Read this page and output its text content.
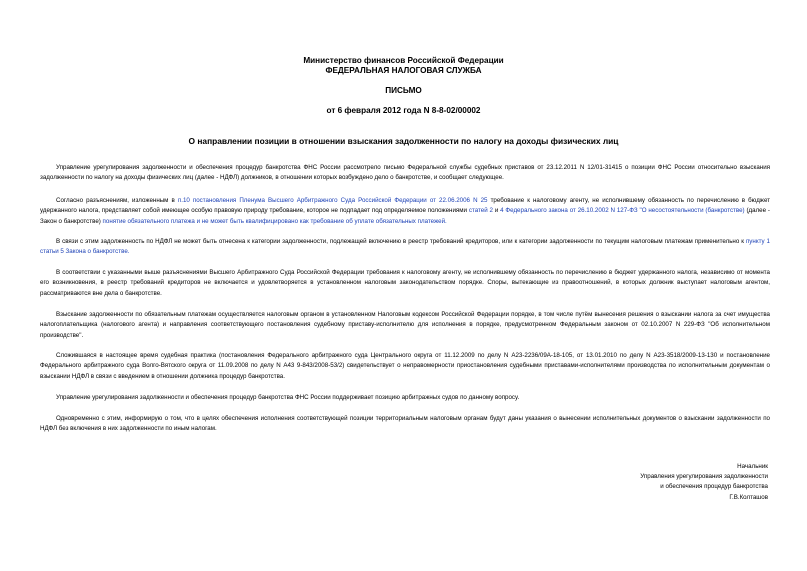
Министерство финансов Российской Федерации
ФЕДЕРАЛЬНАЯ НАЛОГОВАЯ СЛУЖБА
ПИСЬМО
от 6 февраля 2012 года N 8-8-02/00002
О направлении позиции в отношении взыскания задолженности по налогу на доходы физических лиц
Управление урегулирования задолженности и обеспечения процедур банкротства ФНС России рассмотрело письмо Федеральной службы судебных приставов от 23.12.2011 N 12/01-31415 о позиции ФНС России относительно взыскания задолженности по налогу на доходы физических лиц (далее - НДФЛ) должников, в отношении которых возбуждено дело о банкротстве, и сообщает следующее.
Согласно разъяснениям, изложенным в п.10 постановления Пленума Высшего Арбитражного Суда Российской Федерации от 22.06.2006 N 25 требование к налоговому агенту, не исполнившему обязанность по перечислению в бюджет удержанного налога, представляет собой имеющее особую правовую природу требование, которое не подпадает под определяемое положениями статей 2 и 4 Федерального закона от 26.10.2002 N 127-ФЗ "О несостоятельности (банкротстве) (далее - Закон о банкротстве) понятие обязательного платежа и не может быть квалифицировано как требование об уплате обязательных платежей.
В связи с этим задолженность по НДФЛ не может быть отнесена к категории задолженности, подлежащей включению в реестр требований кредиторов, или к категории задолженности по текущим налоговым платежам применительно к пункту 1 статьи 5 Закона о банкротстве.
В соответствии с указанными выше разъяснениями Высшего Арбитражного Суда Российской Федерации требования к налоговому агенту, не исполнившему обязанность по перечислению в бюджет удержанного налога, независимо от момента его возникновения, в реестр требований кредиторов не включается и удовлетворяется в установленном налоговым законодательством порядке. Споры, вытекающие из правоотношений, в которых должник выступает налоговым агентом, рассматриваются вне дела о банкротстве.
Взыскание задолженности по обязательным платежам осуществляется налоговым органом в установленном Налоговым кодексом Российской Федерации порядке, в том числе путём вынесения решения о взыскании налога за счет имущества налогоплательщика (налогового агента) и направления соответствующего постановления судебному приставу-исполнителю для исполнения в порядке, предусмотренном Федеральным законом от 02.10.2007 N 229-ФЗ "Об исполнительном производстве".
Сложившаяся в настоящее время судебная практика (постановления Федерального арбитражного суда Центрального округа от 11.12.2009 по делу N А23-2236/09А-18-105, от 13.01.2010 по делу N А23-3518/2009-13-130 и постановление Федерального арбитражного суда Волго-Вятского округа от 11.09.2008 по делу N А43 9-843/2008-53/2) свидетельствует о неправомерности приостановления судебными приставами-исполнителями производства по исполнительным документам о взыскании НДФЛ в связи с введением в отношении должника процедур банкротства.
Управление урегулирования задолженности и обеспечения процедур банкротства ФНС России поддерживает позицию арбитражных судов по данному вопросу.
Одновременно с этим, информирую о том, что в целях обеспечения исполнения соответствующей позиции территориальным налоговым органам будут даны указания о вынесении исполнительных документов о взыскании задолженности по НДФЛ без включения в них задолженности по иным налогам.
Начальник
Управления урегулирования задолженности
и обеспечения процедур банкротства
Г.В.Колташов
